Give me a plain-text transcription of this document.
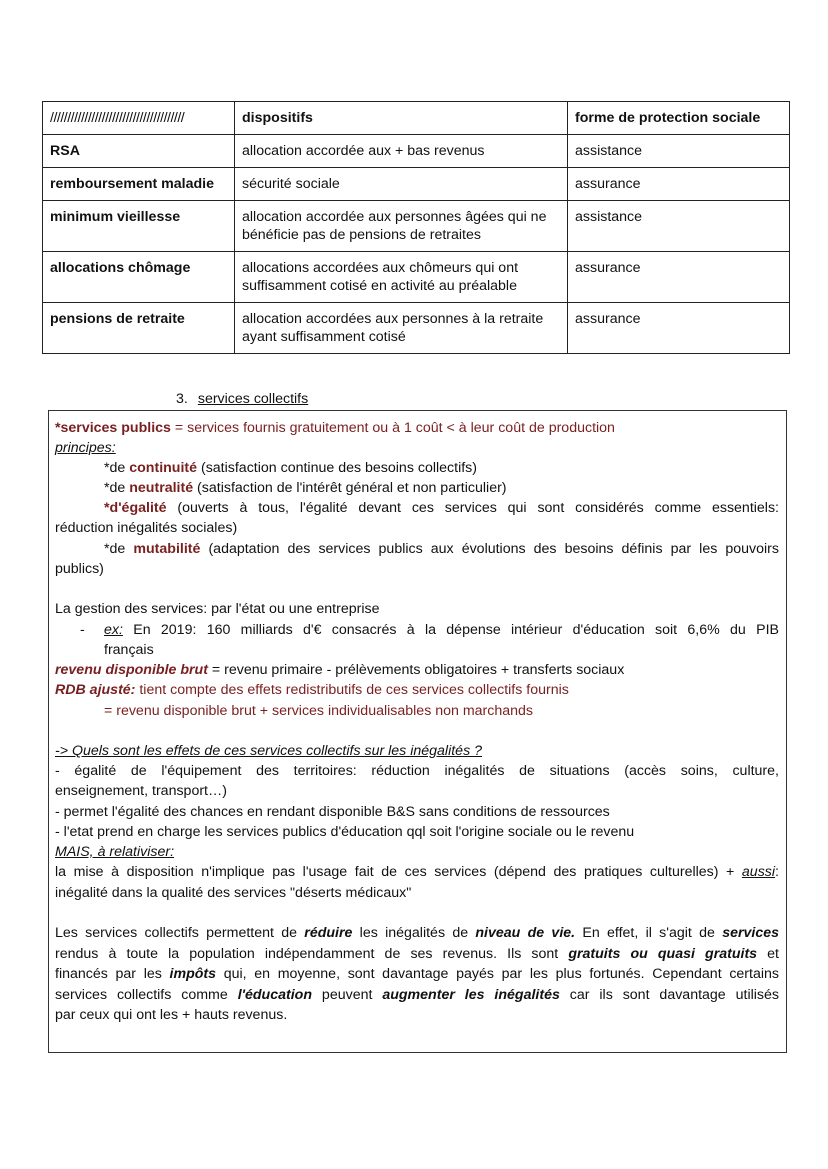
///////////////////////////////////////	dispositifs	forme de protection sociale
RSA	allocation accordée aux + bas revenus	assistance
remboursement maladie	sécurité sociale	assurance
minimum vieillesse	allocation accordée aux personnes âgées qui ne bénéficie pas de pensions de retraites	assistance
allocations chômage	allocations accordées aux chômeurs qui ont suffisamment cotisé en activité au préalable	assurance
pensions de retraite	allocation accordées aux personnes à la retraite ayant suffisamment cotisé	assurance
3. services collectifs
*services publics = services fournis gratuitement ou à 1 coût < à leur coût de production
principes:
*de continuité (satisfaction continue des besoins collectifs)
*de neutralité (satisfaction de l'intérêt général et non particulier)
*d'égalité (ouverts à tous, l'égalité devant ces services qui sont considérés comme essentiels:
réduction inégalités sociales)
*de mutabilité (adaptation des services publics aux évolutions des besoins définis par les pouvoirs
publics)
La gestion des services: par l'état ou une entreprise
- ex: En 2019: 160 milliards d'€ consacrés à la dépense intérieur d'éducation soit 6,6% du PIB
français
revenu disponible brut = revenu primaire - prélèvements obligatoires + transferts sociaux
RDB ajusté: tient compte des effets redistributifs de ces services collectifs fournis
= revenu disponible brut + services individualisables non marchands
-> Quels sont les effets de ces services collectifs sur les inégalités ?
- égalité de l'équipement des territoires: réduction inégalités de situations (accès soins, culture,
enseignement, transport…)
- permet l'égalité des chances en rendant disponible B&S sans conditions de ressources
- l'etat prend en charge les services publics d'éducation qql soit l'origine sociale ou le revenu
MAIS, à relativiser:
la mise à disposition n'implique pas l'usage fait de ces services (dépend des pratiques culturelles) + aussi:
inégalité dans la qualité des services "déserts médicaux"
Les services collectifs permettent de réduire les inégalités de niveau de vie. En effet, il s'agit de services
rendus à toute la population indépendamment de ses revenus. Ils sont gratuits ou quasi gratuits et
financés par les impôts qui, en moyenne, sont davantage payés par les plus fortunés. Cependant certains
services collectifs comme l'éducation peuvent augmenter les inégalités car ils sont davantage utilisés
par ceux qui ont les + hauts revenus.
